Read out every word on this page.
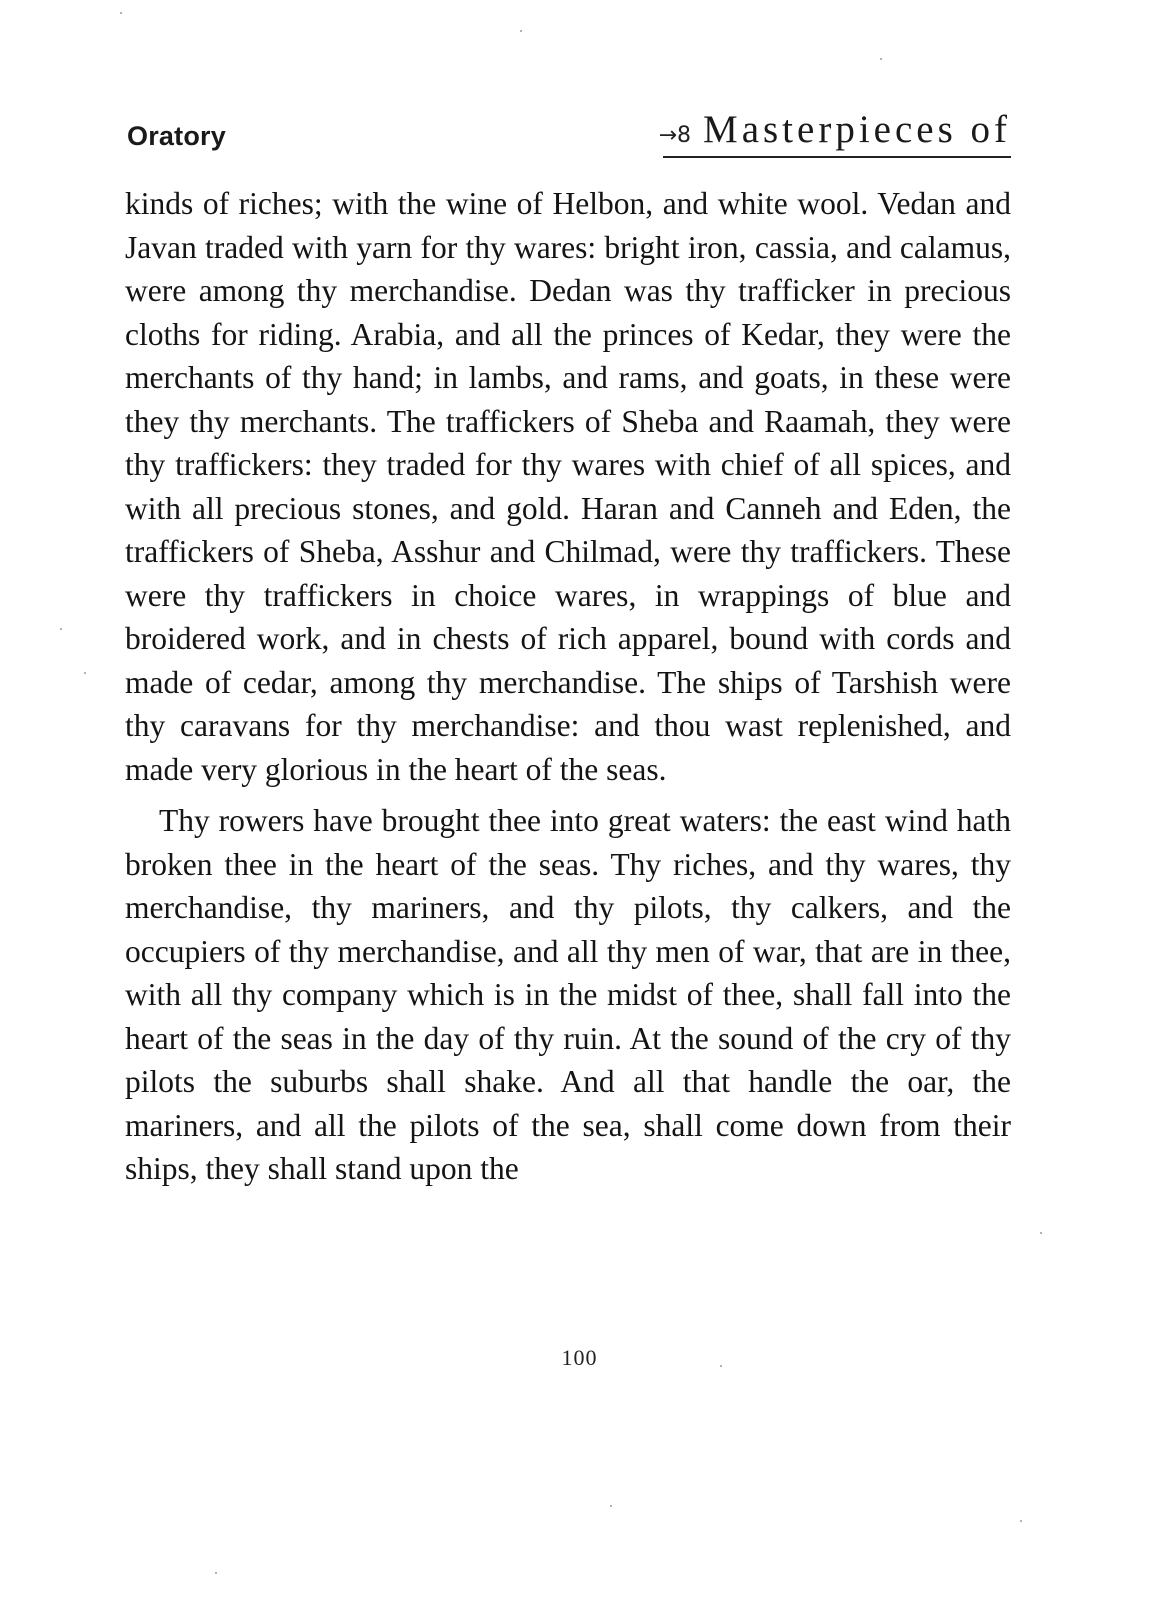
Oratory	→8 Masterpieces of

kinds of riches; with the wine of Helbon, and white wool. Vedan and Javan traded with yarn for thy wares: bright iron, cassia, and calamus, were among thy merchandise. Dedan was thy trafficker in precious cloths for riding. Arabia, and all the princes of Kedar, they were the merchants of thy hand; in lambs, and rams, and goats, in these were they thy merchants. The traffickers of Sheba and Raamah, they were thy traffickers: they traded for thy wares with chief of all spices, and with all precious stones, and gold. Haran and Canneh and Eden, the traffickers of Sheba, Asshur and Chilmad, were thy traffickers. These were thy traffickers in choice wares, in wrappings of blue and broidered work, and in chests of rich apparel, bound with cords and made of cedar, among thy merchandise. The ships of Tarshish were thy caravans for thy merchandise: and thou wast replenished, and made very glorious in the heart of the seas.

Thy rowers have brought thee into great waters: the east wind hath broken thee in the heart of the seas. Thy riches, and thy wares, thy merchandise, thy mariners, and thy pilots, thy calkers, and the occupiers of thy merchandise, and all thy men of war, that are in thee, with all thy company which is in the midst of thee, shall fall into the heart of the seas in the day of thy ruin. At the sound of the cry of thy pilots the suburbs shall shake. And all that handle the oar, the mariners, and all the pilots of the sea, shall come down from their ships, they shall stand upon the

100
